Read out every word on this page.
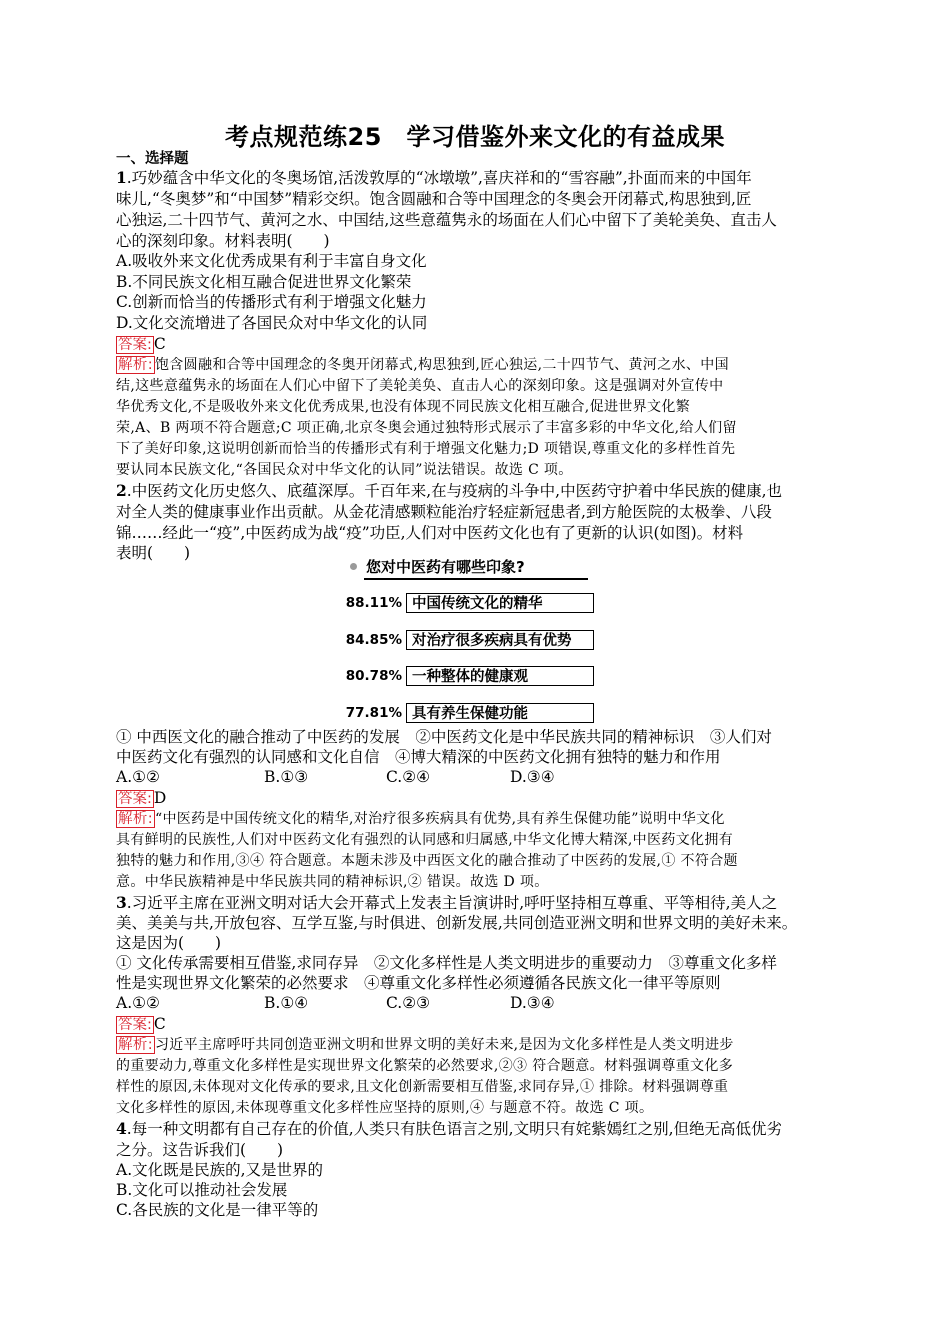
考点规范练25　学习借鉴外来文化的有益成果
一、选择题
1.巧妙蕴含中华文化的冬奥场馆,活泼敦厚的“冰墩墩”,喜庆祥和的“雪容融”,扑面而来的中国年
味儿,“冬奥梦”和“中国梦”精彩交织。饱含圆融和合等中国理念的冬奥会开闭幕式,构思独到,匠
心独运,二十四节气、黄河之水、中国结,这些意蕴隽永的场面在人们心中留下了美轮美奂、直击人
心的深刻印象。材料表明(　　)
A.吸收外来文化优秀成果有利于丰富自身文化
B.不同民族文化相互融合促进世界文化繁荣
C.创新而恰当的传播形式有利于增强文化魅力
D.文化交流增进了各国民众对中华文化的认同
答案: C
解析: 饱含圆融和合等中国理念的冬奥开闭幕式,构思独到,匠心独运,二十四节气、黄河之水、中国
结,这些意蕴隽永的场面在人们心中留下了美轮美奂、直击人心的深刻印象。这是强调对外宣传中
华优秀文化,不是吸收外来文化优秀成果,也没有体现不同民族文化相互融合,促进世界文化繁
荣,A、B 两项不符合题意;C 项正确,北京冬奥会通过独特形式展示了丰富多彩的中华文化,给人们留
下了美好印象,这说明创新而恰当的传播形式有利于增强文化魅力;D 项错误,尊重文化的多样性首先
要认同本民族文化,“各国民众对中华文化的认同”说法错误。故选 C 项。
2.中医药文化历史悠久、底蕴深厚。千百年来,在与疫病的斗争中,中医药守护着中华民族的健康,也
对全人类的健康事业作出贡献。从金花清感颗粒能治疗轻症新冠患者,到方舱医院的太极拳、八段
锦……经此一“疫”,中医药成为战“疫”功臣,人们对中医药文化也有了更新的认识(如图)。材料
表明(　　)
您对中医药有哪些印象?
88.11% 中国传统文化的精华
84.85% 对治疗很多疾病具有优势
80.78% 一种整体的健康观
77.81% 具有养生保健功能
① 中西医文化的融合推动了中医药的发展　②中医药文化是中华民族共同的精神标识　③人们对
中医药文化有强烈的认同感和文化自信　④博大精深的中医药文化拥有独特的魅力和作用
A.①②	B.①③	C.②④	D.③④
答案: D
解析: “中医药是中国传统文化的精华,对治疗很多疾病具有优势,具有养生保健功能”说明中华文化
具有鲜明的民族性,人们对中医药文化有强烈的认同感和归属感,中华文化博大精深,中医药文化拥有
独特的魅力和作用,③④ 符合题意。本题未涉及中西医文化的融合推动了中医药的发展,① 不符合题
意。中华民族精神是中华民族共同的精神标识,② 错误。故选 D 项。
3.习近平主席在亚洲文明对话大会开幕式上发表主旨演讲时,呼吁坚持相互尊重、平等相待,美人之
美、美美与共,开放包容、互学互鉴,与时俱进、创新发展,共同创造亚洲文明和世界文明的美好未来。
这是因为(　　)
① 文化传承需要相互借鉴,求同存异　②文化多样性是人类文明进步的重要动力　③尊重文化多样
性是实现世界文化繁荣的必然要求　④尊重文化多样性必须遵循各民族文化一律平等原则
A.①②	B.①④	C.②③	D.③④
答案: C
解析: 习近平主席呼吁共同创造亚洲文明和世界文明的美好未来,是因为文化多样性是人类文明进步
的重要动力,尊重文化多样性是实现世界文化繁荣的必然要求,②③ 符合题意。材料强调尊重文化多
样性的原因,未体现对文化传承的要求,且文化创新需要相互借鉴,求同存异,① 排除。材料强调尊重
文化多样性的原因,未体现尊重文化多样性应坚持的原则,④ 与题意不符。故选 C 项。
4.每一种文明都有自己存在的价值,人类只有肤色语言之别,文明只有姹紫嫣红之别,但绝无高低优劣
之分。这告诉我们(　　)
A.文化既是民族的,又是世界的
B.文化可以推动社会发展
C.各民族的文化是一律平等的
